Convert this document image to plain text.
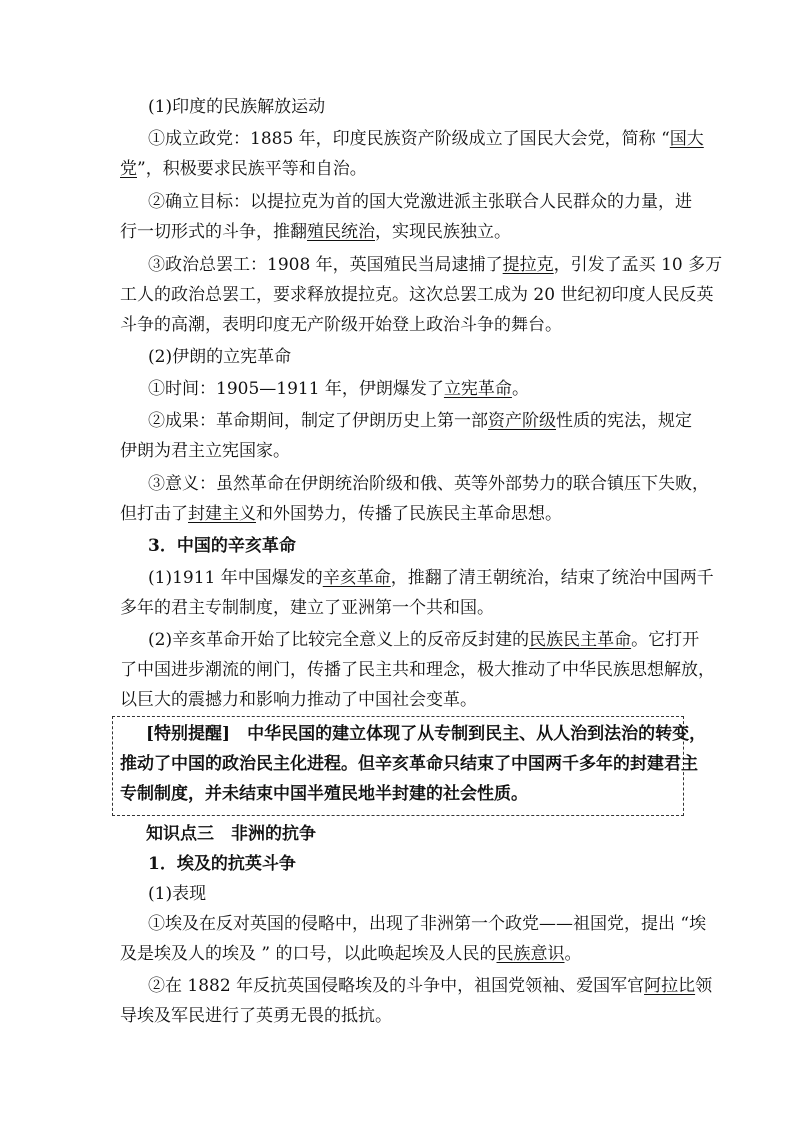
(1)印度的民族解放运动
①成立政党：1885 年，印度民族资产阶级成立了国民大会党，简称 “国大
党”，积极要求民族平等和自治。
②确立目标：以提拉克为首的国大党激进派主张联合人民群众的力量，进
行一切形式的斗争，推翻殖民统治，实现民族独立。
③政治总罢工：1908 年，英国殖民当局逮捕了提拉克，引发了孟买 10 多万
工人的政治总罢工，要求释放提拉克。这次总罢工成为 20 世纪初印度人民反英
斗争的高潮，表明印度无产阶级开始登上政治斗争的舞台。
(2)伊朗的立宪革命
①时间：1905—1911 年，伊朗爆发了立宪革命。
②成果：革命期间，制定了伊朗历史上第一部资产阶级性质的宪法，规定
伊朗为君主立宪国家。
③意义：虽然革命在伊朗统治阶级和俄、英等外部势力的联合镇压下失败，
但打击了封建主义和外国势力，传播了民族民主革命思想。
3．中国的辛亥革命
(1)1911 年中国爆发的辛亥革命，推翻了清王朝统治，结束了统治中国两千
多年的君主专制制度，建立了亚洲第一个共和国。
(2)辛亥革命开始了比较完全意义上的反帝反封建的民族民主革命。它打开
了中国进步潮流的闸门，传播了民主共和理念，极大推动了中华民族思想解放，
以巨大的震撼力和影响力推动了中国社会变革。
[特别提醒]　中华民国的建立体现了从专制到民主、从人治到法治的转变，
推动了中国的政治民主化进程。但辛亥革命只结束了中国两千多年的封建君主
专制制度，并未结束中国半殖民地半封建的社会性质。
知识点三　非洲的抗争
1．埃及的抗英斗争
(1)表现
①埃及在反对英国的侵略中，出现了非洲第一个政党——祖国党，提出 “埃
及是埃及人的埃及 ” 的口号，以此唤起埃及人民的民族意识。
②在 1882 年反抗英国侵略埃及的斗争中，祖国党领袖、爱国军官阿拉比领
导埃及军民进行了英勇无畏的抵抗。
